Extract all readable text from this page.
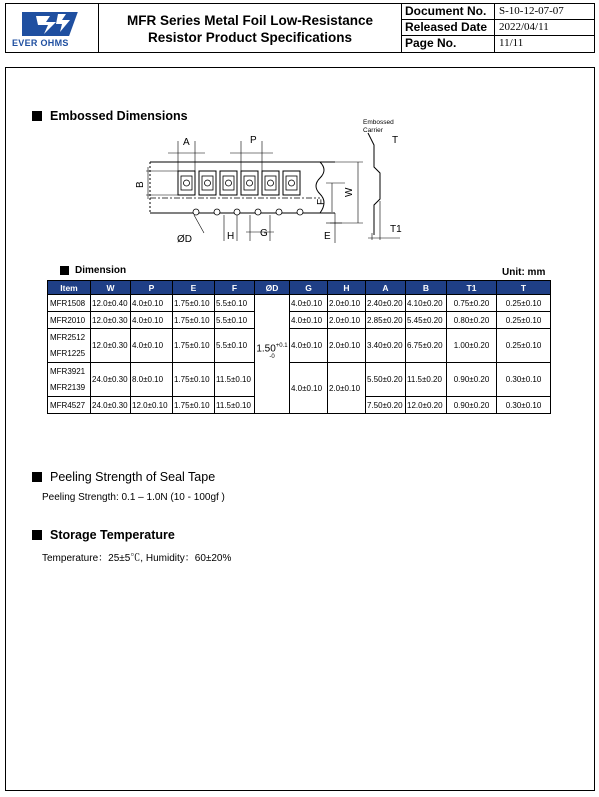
EVER OHMS
MFR Series Metal Foil Low-Resistance
Resistor Product Specifications
Document No.	S-10-12-07-07
Released Date	2022/04/11
Page No.	11/11
Embossed Dimensions
A	P
B
F
W
E
G
H
ØD
Embossed
Carrier
T
T1
Dimension	Unit: mm
Item	W	P	E	F	ØD	G	H	A	B	T1	T
MFR1508	12.0±0.40	4.0±0.10	1.75±0.10	5.5±0.10	$1.50^{+0.1 -0}$	4.0±0.10	2.0±0.10	2.40±0.20	4.10±0.20	0.75±0.20	0.25±0.10
MFR2010	12.0±0.30	4.0±0.10	1.75±0.10	5.5±0.10		4.0±0.10	2.0±0.10	2.85±0.20	5.45±0.20	0.80±0.20	0.25±0.10
MFR2512	12.0±0.30	4.0±0.10	1.75±0.10	5.5±0.10		4.0±0.10	2.0±0.10	3.40±0.20	6.75±0.20	1.00±0.20	0.25±0.10
MFR1225											
MFR3921	24.0±0.30	8.0±0.10	1.75±0.10	11.5±0.10		4.0±0.10	2.0±0.10	5.50±0.20	11.5±0.20	0.90±0.20	0.30±0.10
MFR2139											
MFR4527	24.0±0.30	12.0±0.10	1.75±0.10	11.5±0.10				7.50±0.20	12.0±0.20	0.90±0.20	0.30±0.10
Peeling Strength of Seal Tape
Peeling Strength: 0.1 – 1.0N (10 - 100gf )
Storage Temperature
Temperature：25±5℃, Humidity：60±20%
